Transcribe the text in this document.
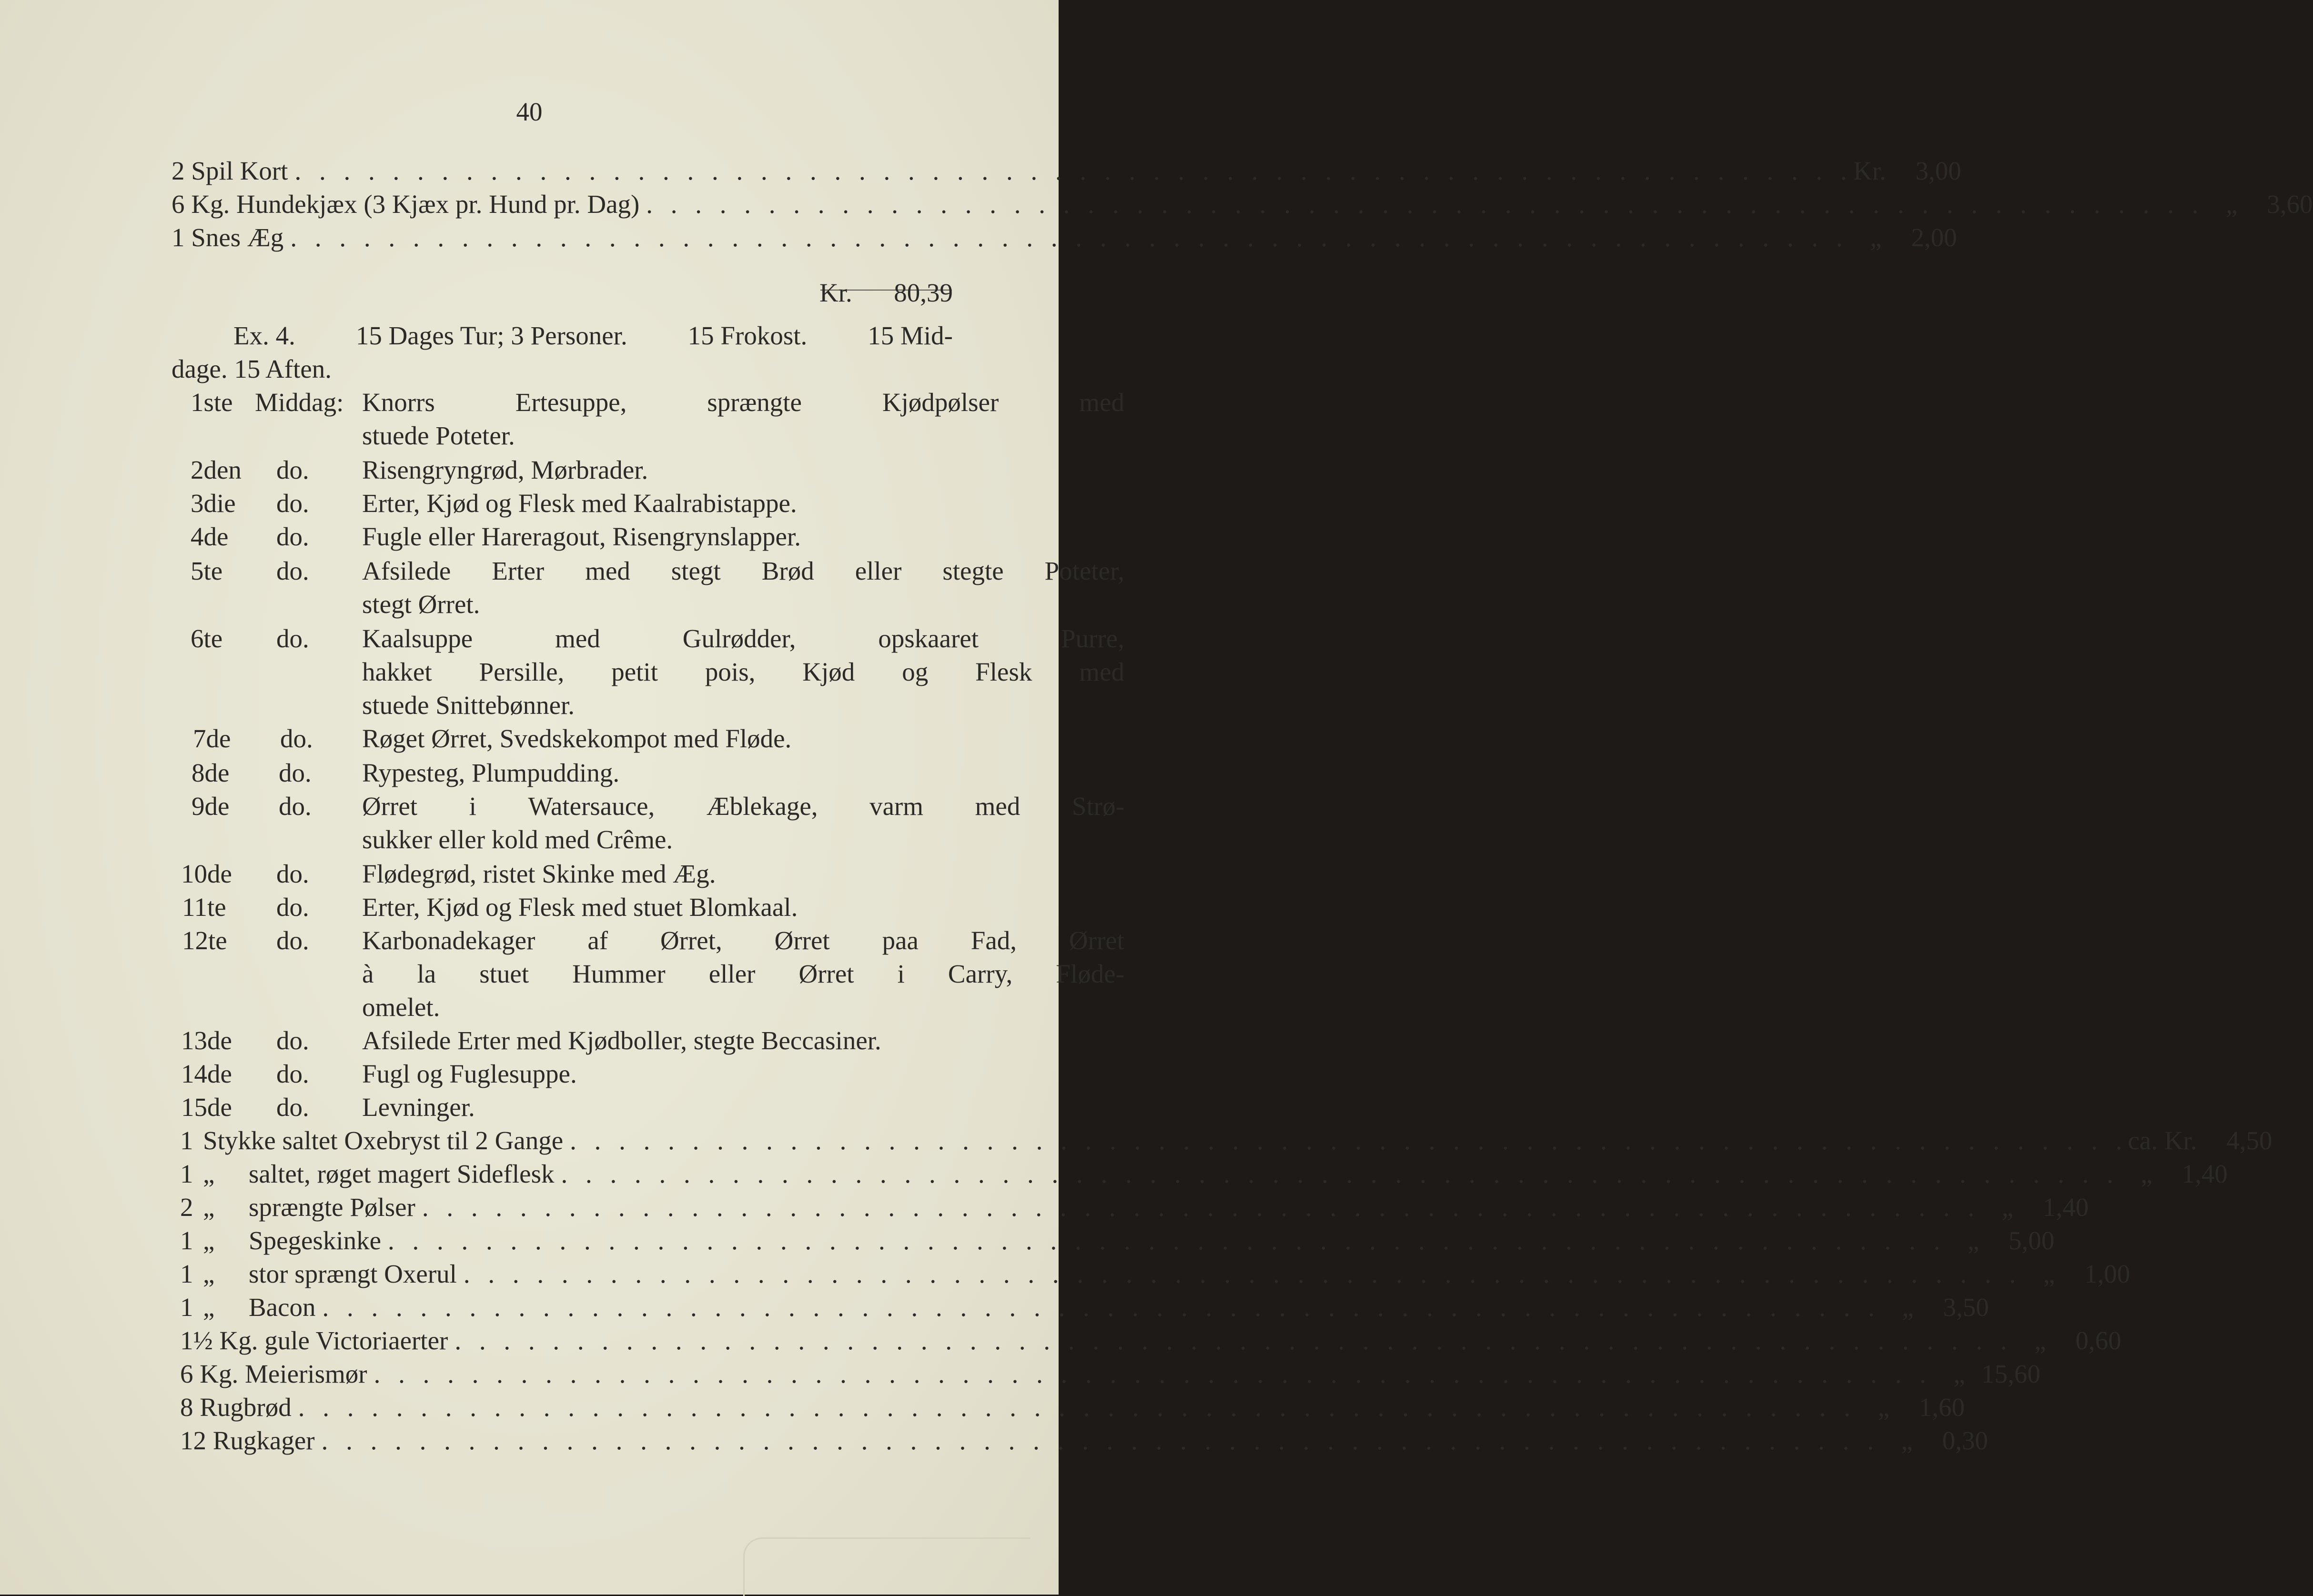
40
2 Spil Kort . . .	Kr.	3,00
6 Kg. Hundekjæx (3 Kjæx pr. Hund pr. Dag) . . .	„	3,60
1 Snes Æg . . .	„	2,00
Kr. 80,39
Ex. 4. 15 Dages Tur; 3 Personer. 15 Frokost. 15 Mid-
dage. 15 Aften.
1ste Middag: Knorrs	Ertesuppe,	sprængte	Kjødpølser	med
stuede Poteter.
2den do. Risengryngrød, Mørbrader.
3die do. Erter, Kjød og Flesk med Kaalrabistappe.
4de do. Fugle eller Hareragout, Risengrynslapper.
5te do. Afsilede Erter med stegt Brød eller stegte Poteter,
stegt Ørret.
6te do. Kaalsuppe	med	Gulrødder,	opskaaret	Purre,
hakket Persille, petit pois, Kjød og Flesk med
stuede Snittebønner.
7de do. Røget Ørret, Svedskekompot med Fløde.
8de do. Rypesteg, Plumpudding.
9de do. Ørret i Watersauce, Æblekage, varm med Strø-
sukker eller kold med Crême.
10de do. Flødegrød, ristet Skinke med Æg.
11te do. Erter, Kjød og Flesk med stuet Blomkaal.
12te do. Karbonadekager af Ørret, Ørret paa Fad, Ørret
à la stuet Hummer eller Ørret i Carry, Fløde-
omelet.
13de do. Afsilede Erter med Kjødboller, stegte Beccasiner.
14de do. Fugl og Fuglesuppe.
15de do. Levninger.
1 Stykke saltet Oxebryst til 2 Gange . . .	ca. Kr.	4,50
1 „ saltet, røget magert Sideflesk . . .	„	1,40
2 „ sprængte Pølser . . .	„	1,40
1 „ Spegeskinke . . .	„	5,00
1 „ stor sprængt Oxerul . . .	„	1,00
1 „ Bacon . . .	„	3,50
1½ Kg. gule Victoriaerter . . .	„	0,60
6 Kg. Meierismør . . .	„ 15,60
8 Rugbrød . . .	„	1,60
12 Rugkager . . .	„	0,30
